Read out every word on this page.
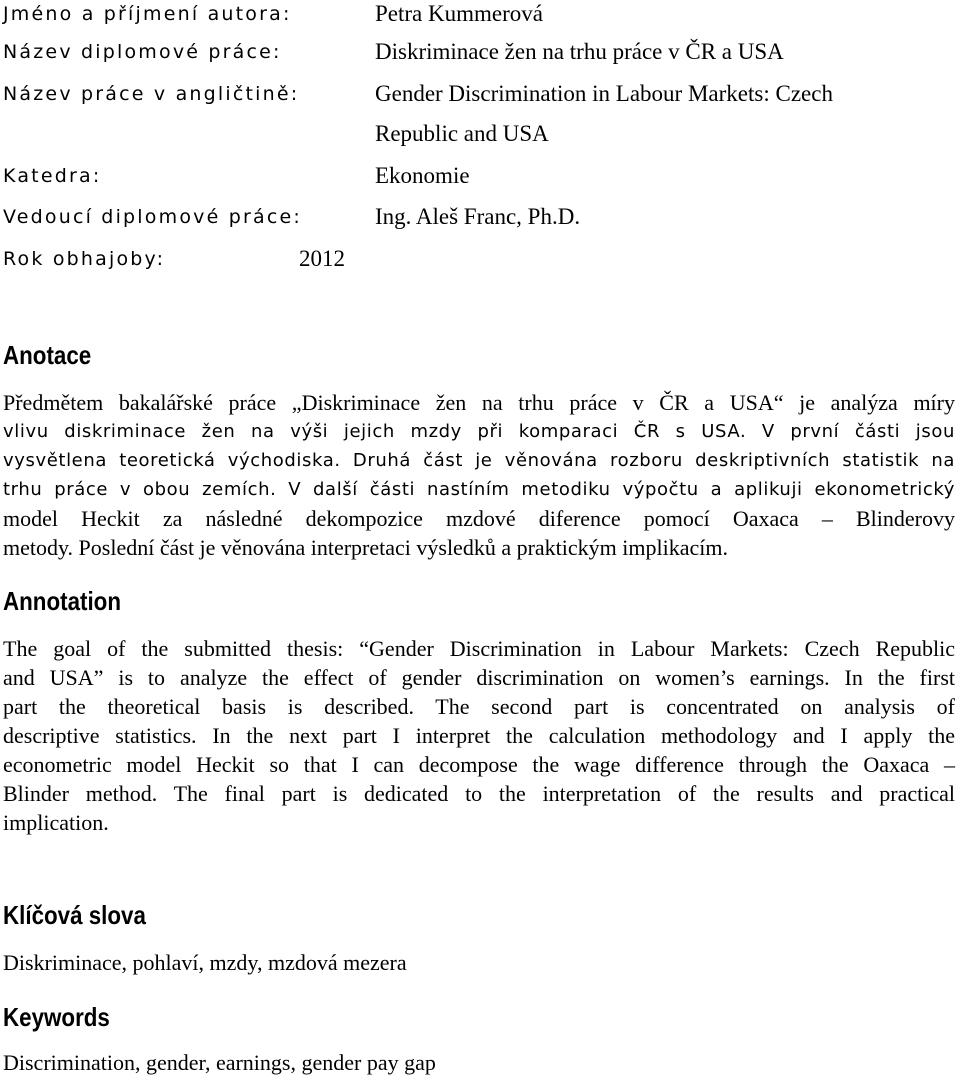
Jméno a příjmení autora:	Petra Kummerová
Název diplomové práce:	Diskriminace žen na trhu práce v ČR a USA
Název práce v angličtině:	Gender Discrimination in Labour Markets: Czech
Republic and USA
Katedra:	Ekonomie
Vedoucí diplomové práce:	Ing. Aleš Franc, Ph.D.
Rok obhajoby:	2012
Anotace
Předmětem bakalářské práce „Diskriminace žen na trhu práce v ČR a USA“ je analýza míry
vlivu diskriminace žen na výši jejich mzdy při komparaci ČR s USA. V první části jsou
vysvětlena teoretická východiska. Druhá část je věnována rozboru deskriptivních statistik na
trhu práce v obou zemích. V další části nastíním metodiku výpočtu a aplikuji ekonometrický
model Heckit za následné dekompozice mzdové diference pomocí Oaxaca – Blinderovy
metody. Poslední část je věnována interpretaci výsledků a praktickým implikacím.
Annotation
The goal of the submitted thesis: “Gender Discrimination in Labour Markets: Czech Republic
and USA” is to analyze the effect of gender discrimination on women’s earnings. In the first
part the theoretical basis is described. The second part is concentrated on analysis of
descriptive statistics. In the next part I interpret the calculation methodology and I apply the
econometric model Heckit so that I can decompose the wage difference through the Oaxaca –
Blinder method. The final part is dedicated to the interpretation of the results and practical
implication.
Klíčová slova
Diskriminace, pohlaví, mzdy, mzdová mezera
Keywords
Discrimination, gender, earnings, gender pay gap
